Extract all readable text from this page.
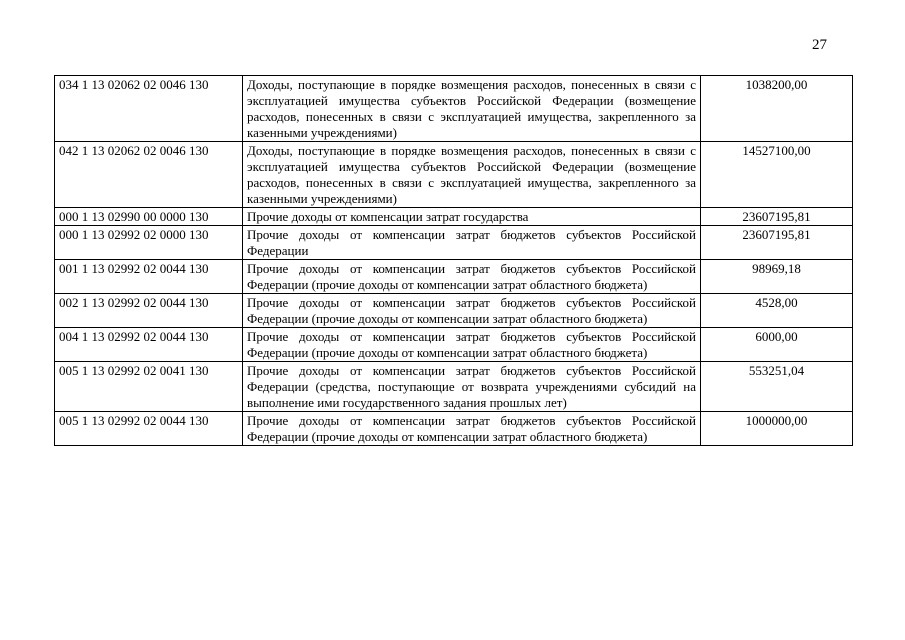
27
034 1 13 02062 02 0046 130	Доходы, поступающие в порядке возмещения расходов, понесенных в связи с эксплуатацией имущества субъектов Российской Федерации (возмещение расходов, понесенных в связи с эксплуатацией имущества, закрепленного за казенными учреждениями)	1038200,00
042 1 13 02062 02 0046 130	Доходы, поступающие в порядке возмещения расходов, понесенных в связи с эксплуатацией имущества субъектов Российской Федерации (возмещение расходов, понесенных в связи с эксплуатацией имущества, закрепленного за казенными учреждениями)	14527100,00
000 1 13 02990 00 0000 130	Прочие доходы от компенсации затрат государства	23607195,81
000 1 13 02992 02 0000 130	Прочие доходы от компенсации затрат бюджетов субъектов Российской Федерации	23607195,81
001 1 13 02992 02 0044 130	Прочие доходы от компенсации затрат бюджетов субъектов Российской Федерации (прочие доходы от компенсации затрат областного бюджета)	98969,18
002 1 13 02992 02 0044 130	Прочие доходы от компенсации затрат бюджетов субъектов Российской Федерации (прочие доходы от компенсации затрат областного бюджета)	4528,00
004 1 13 02992 02 0044 130	Прочие доходы от компенсации затрат бюджетов субъектов Российской Федерации (прочие доходы от компенсации затрат областного бюджета)	6000,00
005 1 13 02992 02 0041 130	Прочие доходы от компенсации затрат бюджетов субъектов Российской Федерации (средства, поступающие от возврата учреждениями субсидий на выполнение ими государственного задания прошлых лет)	553251,04
005 1 13 02992 02 0044 130	Прочие доходы от компенсации затрат бюджетов субъектов Российской Федерации (прочие доходы от компенсации затрат областного бюджета)	1000000,00
